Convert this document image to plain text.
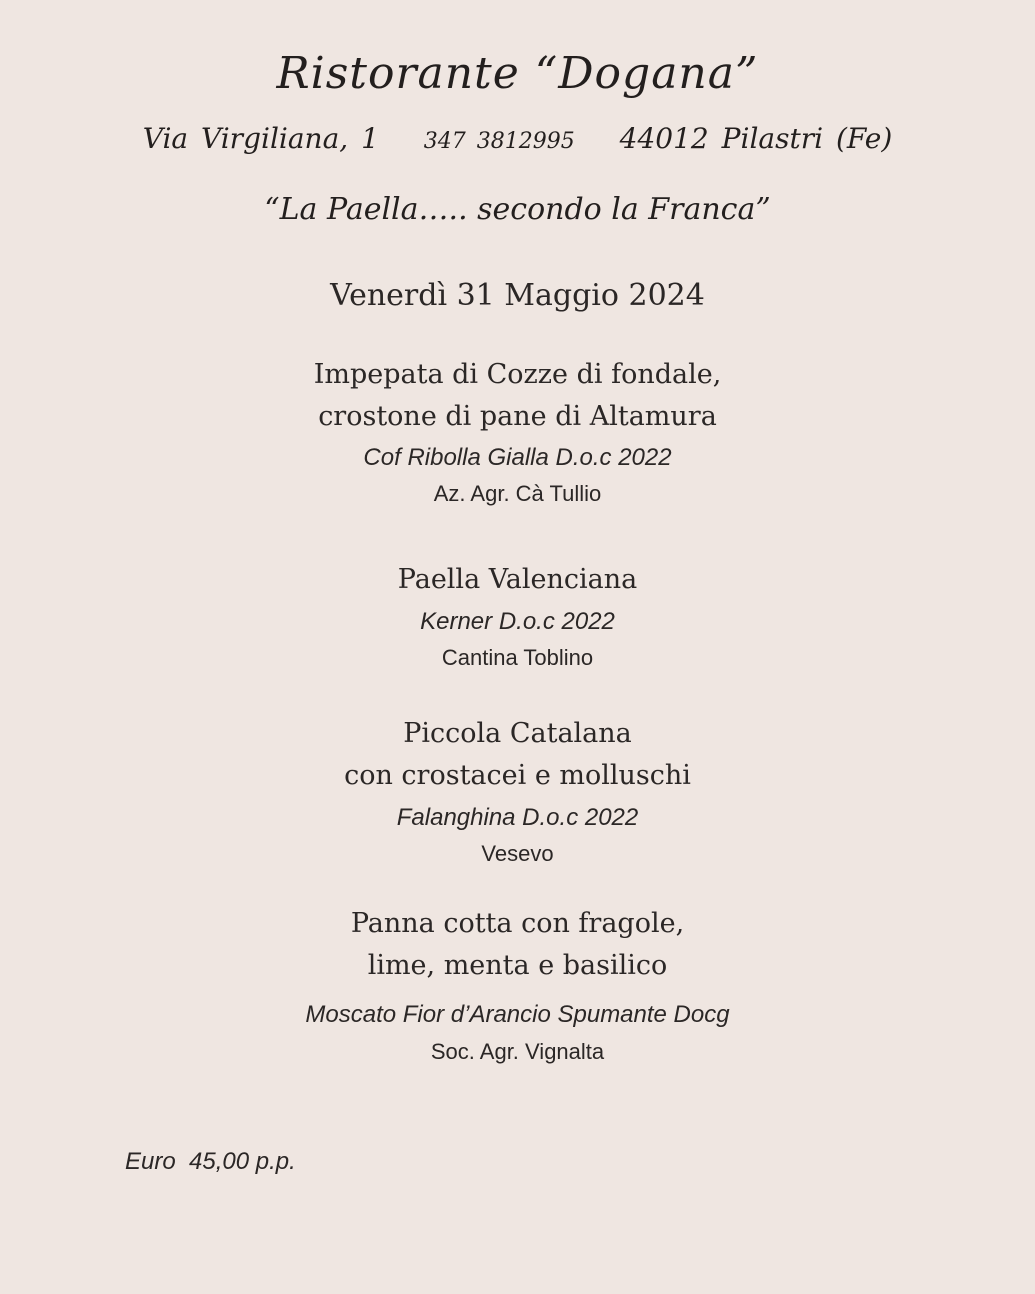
Ristorante “Dogana”
Via Virgiliana, 1 347 3812995 44012 Pilastri (Fe)
“La Paella….. secondo la Franca”
Venerdì 31 Maggio 2024
Impepata di Cozze di fondale,
crostone di pane di Altamura
Cof Ribolla Gialla D.o.c 2022
Az. Agr. Cà Tullio
Paella Valenciana
Kerner D.o.c 2022
Cantina Toblino
Piccola Catalana
con crostacei e molluschi
Falanghina D.o.c 2022
Vesevo
Panna cotta con fragole,
lime, menta e basilico
Moscato Fior d’Arancio Spumante Docg
Soc. Agr. Vignalta
Euro  45,00 p.p.
